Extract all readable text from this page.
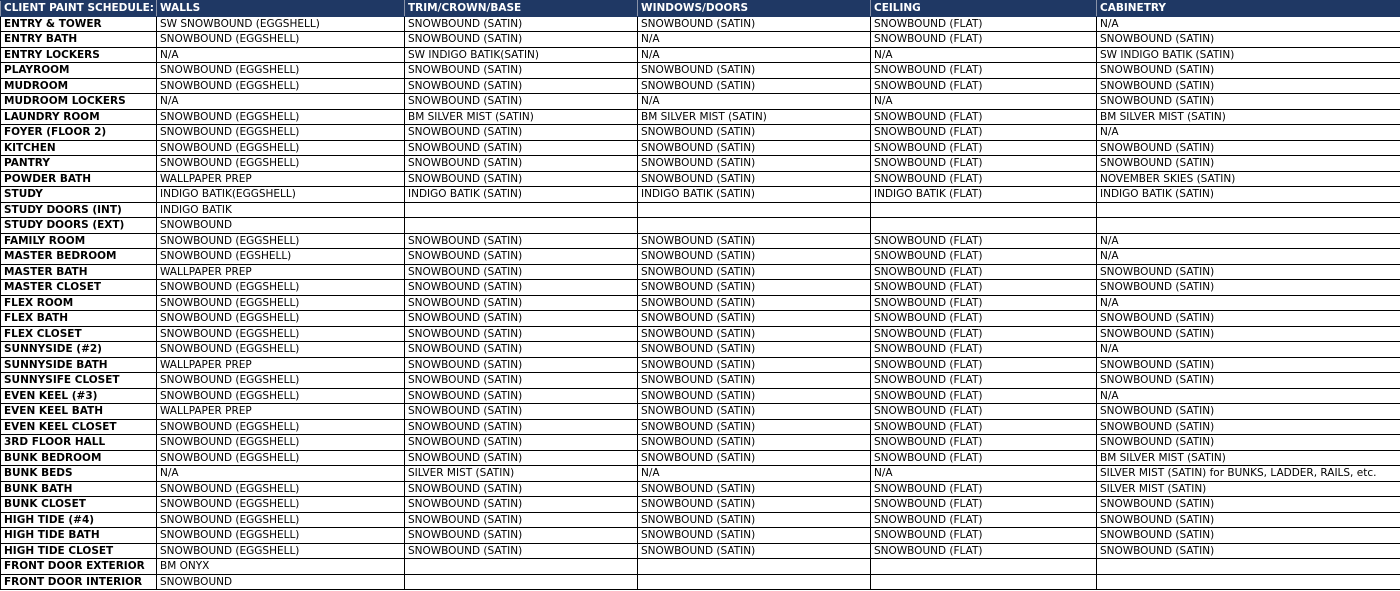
CLIENT PAINT SCHEDULE:	WALLS	TRIM/CROWN/BASE	WINDOWS/DOORS	CEILING	CABINETRY
ENTRY & TOWER	SW SNOWBOUND (EGGSHELL)	SNOWBOUND (SATIN)	SNOWBOUND (SATIN)	SNOWBOUND (FLAT)	N/A
ENTRY BATH	SNOWBOUND (EGGSHELL)	SNOWBOUND (SATIN)	N/A	SNOWBOUND (FLAT)	SNOWBOUND (SATIN)
ENTRY LOCKERS	N/A	SW INDIGO BATIK(SATIN)	N/A	N/A	SW INDIGO BATIK (SATIN)
PLAYROOM	SNOWBOUND (EGGSHELL)	SNOWBOUND (SATIN)	SNOWBOUND (SATIN)	SNOWBOUND (FLAT)	SNOWBOUND (SATIN)
MUDROOM	SNOWBOUND (EGGSHELL)	SNOWBOUND (SATIN)	SNOWBOUND (SATIN)	SNOWBOUND (FLAT)	SNOWBOUND (SATIN)
MUDROOM LOCKERS	N/A	SNOWBOUND (SATIN)	N/A	N/A	SNOWBOUND (SATIN)
LAUNDRY ROOM	SNOWBOUND (EGGSHELL)	BM SILVER MIST (SATIN)	BM SILVER MIST (SATIN)	SNOWBOUND (FLAT)	BM SILVER MIST (SATIN)
FOYER (FLOOR 2)	SNOWBOUND (EGGSHELL)	SNOWBOUND (SATIN)	SNOWBOUND (SATIN)	SNOWBOUND (FLAT)	N/A
KITCHEN	SNOWBOUND (EGGSHELL)	SNOWBOUND (SATIN)	SNOWBOUND (SATIN)	SNOWBOUND (FLAT)	SNOWBOUND (SATIN)
PANTRY	SNOWBOUND (EGGSHELL)	SNOWBOUND (SATIN)	SNOWBOUND (SATIN)	SNOWBOUND (FLAT)	SNOWBOUND (SATIN)
POWDER BATH	WALLPAPER PREP	SNOWBOUND (SATIN)	SNOWBOUND (SATIN)	SNOWBOUND (FLAT)	NOVEMBER SKIES (SATIN)
STUDY	INDIGO BATIK(EGGSHELL)	INDIGO BATIK (SATIN)	INDIGO BATIK (SATIN)	INDIGO BATIK (FLAT)	INDIGO BATIK (SATIN)
STUDY DOORS (INT)	INDIGO BATIK				
STUDY DOORS (EXT)	SNOWBOUND				
FAMILY ROOM	SNOWBOUND (EGGSHELL)	SNOWBOUND (SATIN)	SNOWBOUND (SATIN)	SNOWBOUND (FLAT)	N/A
MASTER BEDROOM	SNOWBOUND (EGSHELL)	SNOWBOUND (SATIN)	SNOWBOUND (SATIN)	SNOWBOUND (FLAT)	N/A
MASTER BATH	WALLPAPER PREP	SNOWBOUND (SATIN)	SNOWBOUND (SATIN)	SNOWBOUND (FLAT)	SNOWBOUND (SATIN)
MASTER CLOSET	SNOWBOUND (EGGSHELL)	SNOWBOUND (SATIN)	SNOWBOUND (SATIN)	SNOWBOUND (FLAT)	SNOWBOUND (SATIN)
FLEX ROOM	SNOWBOUND (EGGSHELL)	SNOWBOUND (SATIN)	SNOWBOUND (SATIN)	SNOWBOUND (FLAT)	N/A
FLEX BATH	SNOWBOUND (EGGSHELL)	SNOWBOUND (SATIN)	SNOWBOUND (SATIN)	SNOWBOUND (FLAT)	SNOWBOUND (SATIN)
FLEX CLOSET	SNOWBOUND (EGGSHELL)	SNOWBOUND (SATIN)	SNOWBOUND (SATIN)	SNOWBOUND (FLAT)	SNOWBOUND (SATIN)
SUNNYSIDE (#2)	SNOWBOUND (EGGSHELL)	SNOWBOUND (SATIN)	SNOWBOUND (SATIN)	SNOWBOUND (FLAT)	N/A
SUNNYSIDE BATH	WALLPAPER PREP	SNOWBOUND (SATIN)	SNOWBOUND (SATIN)	SNOWBOUND (FLAT)	SNOWBOUND (SATIN)
SUNNYSIFE CLOSET	SNOWBOUND (EGGSHELL)	SNOWBOUND (SATIN)	SNOWBOUND (SATIN)	SNOWBOUND (FLAT)	SNOWBOUND (SATIN)
EVEN KEEL (#3)	SNOWBOUND (EGGSHELL)	SNOWBOUND (SATIN)	SNOWBOUND (SATIN)	SNOWBOUND (FLAT)	N/A
EVEN KEEL BATH	WALLPAPER PREP	SNOWBOUND (SATIN)	SNOWBOUND (SATIN)	SNOWBOUND (FLAT)	SNOWBOUND (SATIN)
EVEN KEEL CLOSET	SNOWBOUND (EGGSHELL)	SNOWBOUND (SATIN)	SNOWBOUND (SATIN)	SNOWBOUND (FLAT)	SNOWBOUND (SATIN)
3RD FLOOR HALL	SNOWBOUND (EGGSHELL)	SNOWBOUND (SATIN)	SNOWBOUND (SATIN)	SNOWBOUND (FLAT)	SNOWBOUND (SATIN)
BUNK BEDROOM	SNOWBOUND (EGGSHELL)	SNOWBOUND (SATIN)	SNOWBOUND (SATIN)	SNOWBOUND (FLAT)	BM SILVER MIST (SATIN)
BUNK BEDS	N/A	SILVER MIST (SATIN)	N/A	N/A	SILVER MIST (SATIN) for BUNKS, LADDER, RAILS, etc.
BUNK BATH	SNOWBOUND (EGGSHELL)	SNOWBOUND (SATIN)	SNOWBOUND (SATIN)	SNOWBOUND (FLAT)	SILVER MIST (SATIN)
BUNK CLOSET	SNOWBOUND (EGGSHELL)	SNOWBOUND (SATIN)	SNOWBOUND (SATIN)	SNOWBOUND (FLAT)	SNOWBOUND (SATIN)
HIGH TIDE (#4)	SNOWBOUND (EGGSHELL)	SNOWBOUND (SATIN)	SNOWBOUND (SATIN)	SNOWBOUND (FLAT)	SNOWBOUND (SATIN)
HIGH TIDE BATH	SNOWBOUND (EGGSHELL)	SNOWBOUND (SATIN)	SNOWBOUND (SATIN)	SNOWBOUND (FLAT)	SNOWBOUND (SATIN)
HIGH TIDE CLOSET	SNOWBOUND (EGGSHELL)	SNOWBOUND (SATIN)	SNOWBOUND (SATIN)	SNOWBOUND (FLAT)	SNOWBOUND (SATIN)
FRONT DOOR EXTERIOR	BM ONYX				
FRONT DOOR INTERIOR	SNOWBOUND				
